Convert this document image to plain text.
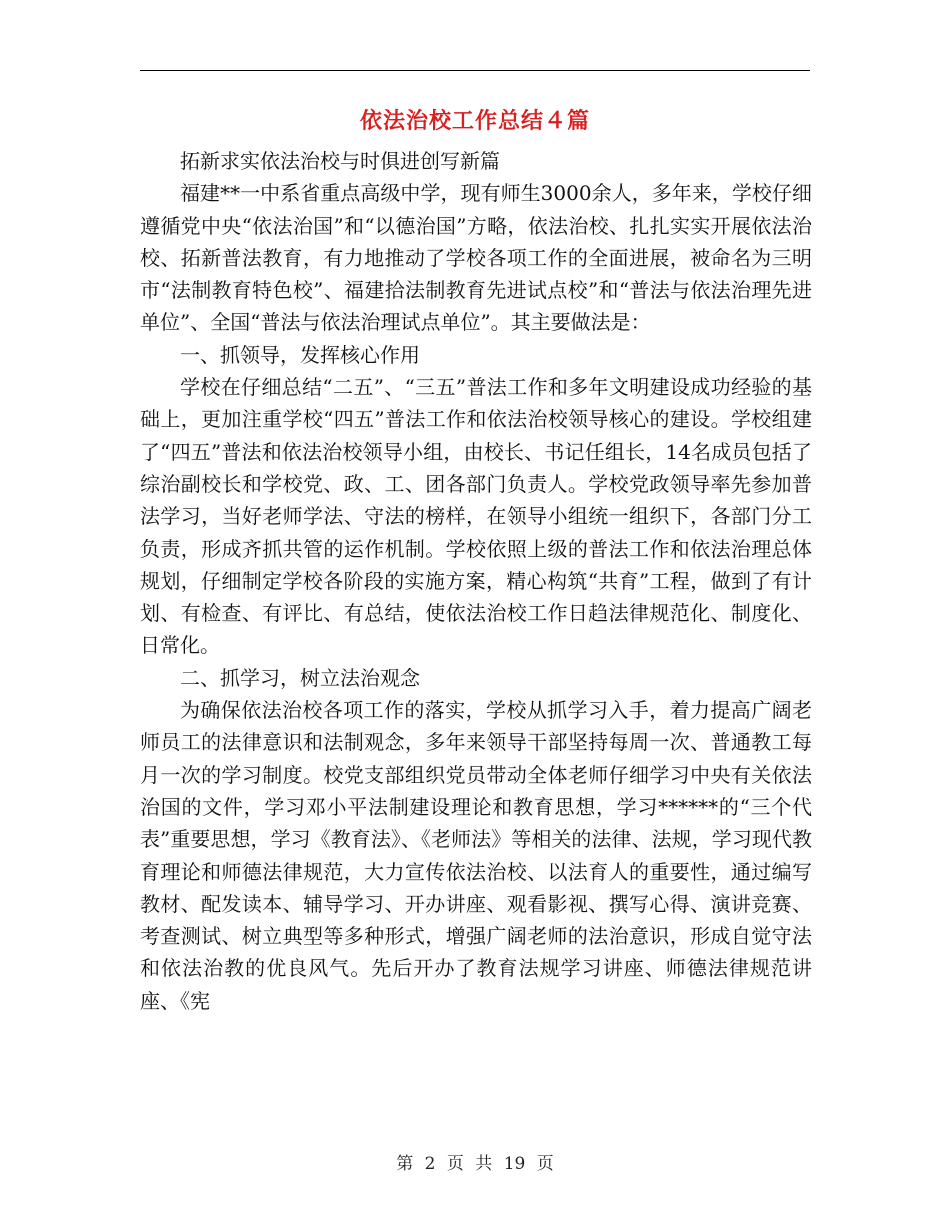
依法治校工作总结４篇

拓新求实依法治校与时俱进创写新篇

福建**一中系省重点高级中学，现有师生3000余人，多年来，学校仔细遵循党中央“依法治国”和“以德治国”方略，依法治校、扎扎实实开展依法治校、拓新普法教育，有力地推动了学校各项工作的全面进展，被命名为三明市“法制教育特色校”、福建拾法制教育先进试点校”和“普法与依法治理先进单位”、全国“普法与依法治理试点单位”。其主要做法是：

一、抓领导，发挥核心作用

学校在仔细总结“二五”、“三五”普法工作和多年文明建设成功经验的基础上，更加注重学校“四五”普法工作和依法治校领导核心的建设。学校组建了“四五”普法和依法治校领导小组，由校长、书记任组长，14名成员包括了综治副校长和学校党、政、工、团各部门负责人。学校党政领导率先参加普法学习，当好老师学法、守法的榜样，在领导小组统一组织下，各部门分工负责，形成齐抓共管的运作机制。学校依照上级的普法工作和依法治理总体规划，仔细制定学校各阶段的实施方案，精心构筑“共育”工程，做到了有计划、有检查、有评比、有总结，使依法治校工作日趋法律规范化、制度化、日常化。

二、抓学习，树立法治观念

为确保依法治校各项工作的落实，学校从抓学习入手，着力提高广阔老师员工的法律意识和法制观念，多年来领导干部坚持每周一次、普通教工每月一次的学习制度。校党支部组织党员带动全体老师仔细学习中央有关依法治国的文件，学习邓小平法制建设理论和教育思想，学习******的“三个代表”重要思想，学习《教育法》、《老师法》等相关的法律、法规，学习现代教育理论和师德法律规范，大力宣传依法治校、以法育人的重要性，通过编写教材、配发读本、辅导学习、开办讲座、观看影视、撰写心得、演讲竞赛、考查测试、树立典型等多种形式，增强广阔老师的法治意识，形成自觉守法和依法治教的优良风气。先后开办了教育法规学习讲座、师德法律规范讲座、《宪

第 2 页 共 19 页
